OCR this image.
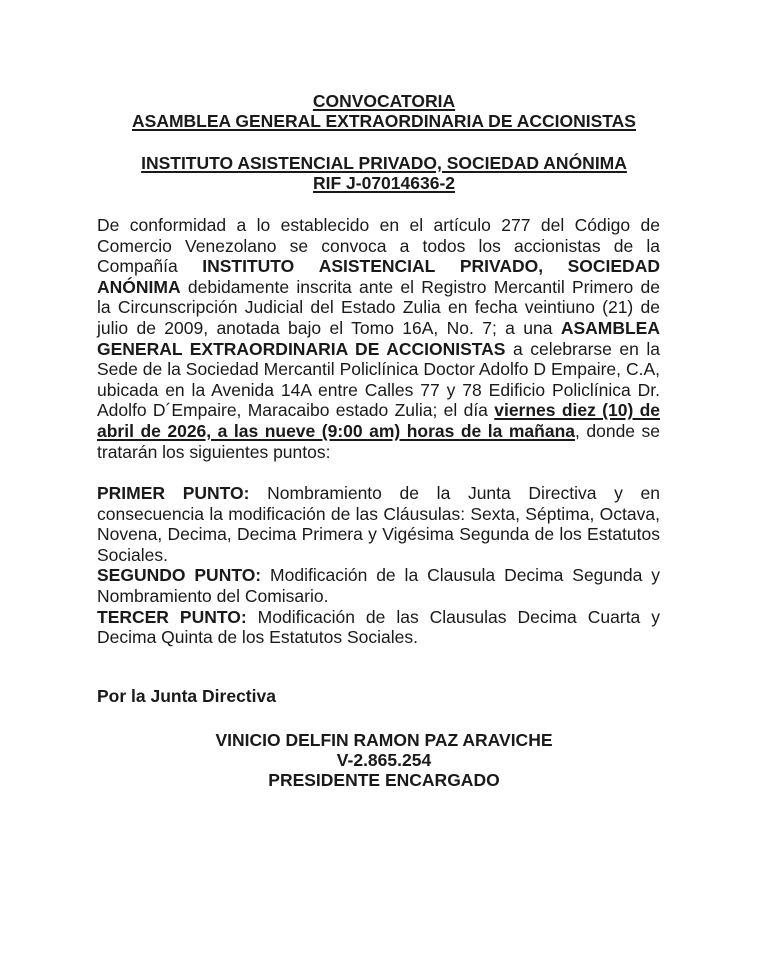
CONVOCATORIA
ASAMBLEA GENERAL EXTRAORDINARIA DE ACCIONISTAS
INSTITUTO ASISTENCIAL PRIVADO, SOCIEDAD ANÓNIMA
RIF J-07014636-2
De conformidad a lo establecido en el artículo 277 del Código de
Comercio Venezolano se convoca a todos los accionistas de la
Compañía INSTITUTO ASISTENCIAL PRIVADO, SOCIEDAD
ANÓNIMA debidamente inscrita ante el Registro Mercantil Primero de
la Circunscripción Judicial del Estado Zulia en fecha veintiuno (21) de
julio de 2009, anotada bajo el Tomo 16A, No. 7; a una ASAMBLEA
GENERAL EXTRAORDINARIA DE ACCIONISTAS a celebrarse en la
Sede de la Sociedad Mercantil Policlínica Doctor Adolfo D Empaire, C.A,
ubicada en la Avenida 14A entre Calles 77 y 78 Edificio Policlínica Dr.
Adolfo D´Empaire, Maracaibo estado Zulia; el día viernes diez (10) de
abril de 2026, a las nueve (9:00 am) horas de la mañana, donde se
tratarán los siguientes puntos:
PRIMER PUNTO: Nombramiento de la Junta Directiva y en
consecuencia la modificación de las Cláusulas: Sexta, Séptima, Octava,
Novena, Decima, Decima Primera y Vigésima Segunda de los Estatutos
Sociales.
SEGUNDO PUNTO: Modificación de la Clausula Decima Segunda y
Nombramiento del Comisario.
TERCER PUNTO: Modificación de las Clausulas Decima Cuarta y
Decima Quinta de los Estatutos Sociales.
Por la Junta Directiva
VINICIO DELFIN RAMON PAZ ARAVICHE
V-2.865.254
PRESIDENTE ENCARGADO
